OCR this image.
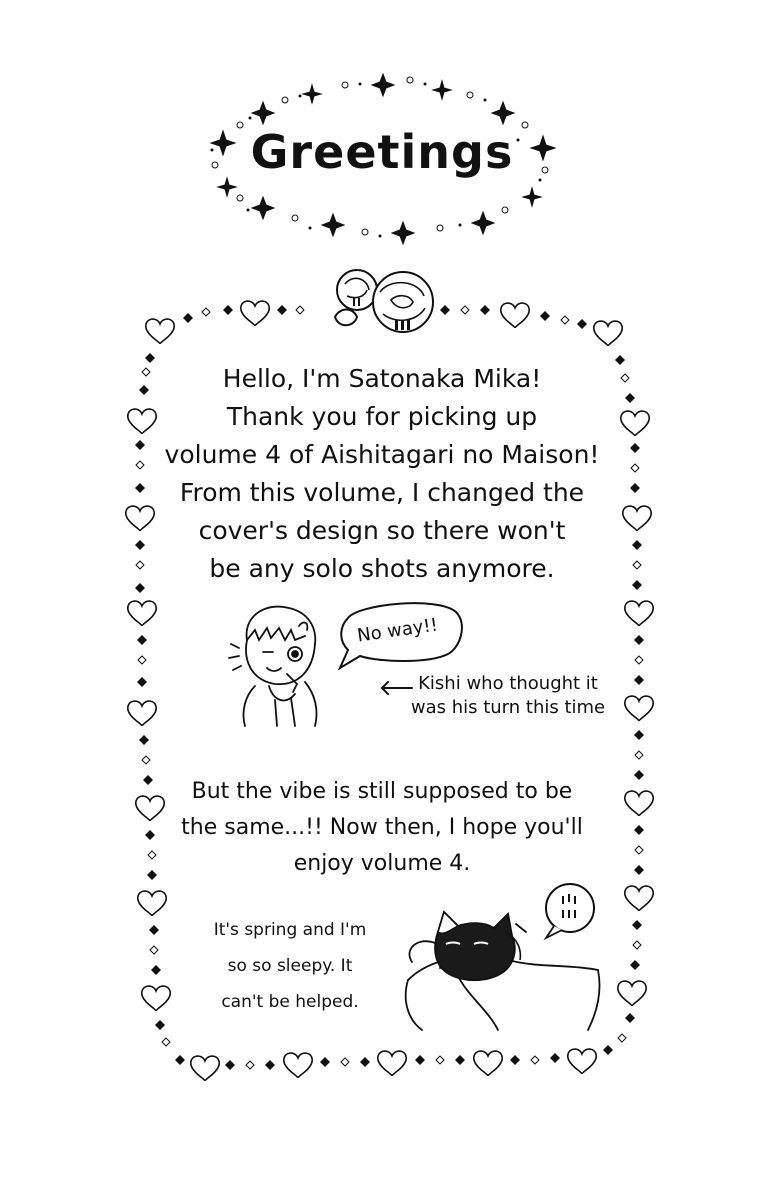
Greetings
Hello, I'm Satonaka Mika!
Thank you for picking up
volume 4 of Aishitagari no Maison!
From this volume, I changed the
cover's design so there won't
be any solo shots anymore.
No way!!
Kishi who thought it
was his turn this time
But the vibe is still supposed to be
the same...!! Now then, I hope you'll
enjoy volume 4.
It's spring and I'm
so so sleepy. It
can't be helped.
